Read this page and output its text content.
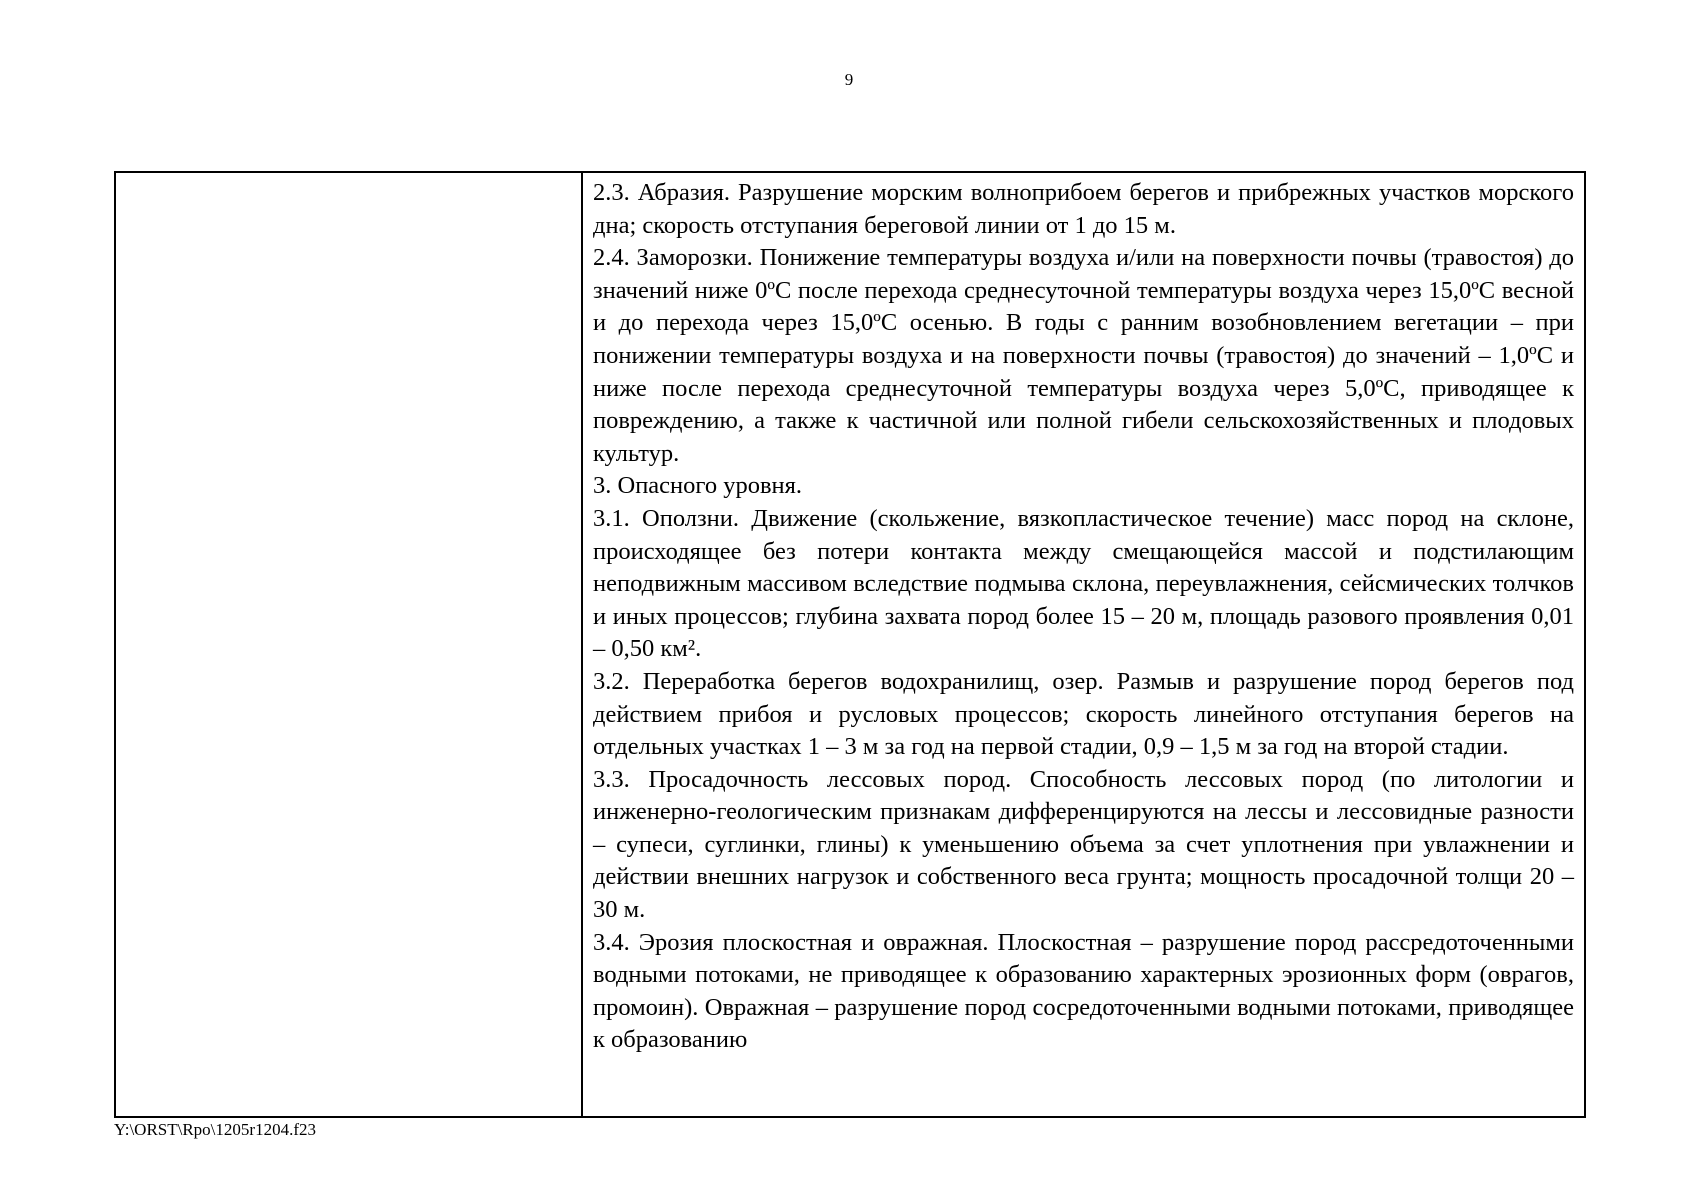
9

2.3. Абразия. Разрушение морским волноприбоем берегов и прибрежных участков морского дна; скорость отступания береговой линии от 1 до 15 м.

2.4. Заморозки. Понижение температуры воздуха и/или на поверхности почвы (травостоя) до значений ниже 0ºС после перехода среднесуточной температуры воздуха через 15,0ºС весной и до перехода через 15,0ºС осенью. В годы с ранним возобновлением вегетации – при понижении температуры воздуха и на поверхности почвы (травостоя) до значений – 1,0ºС и ниже после перехода среднесуточной температуры воздуха через 5,0ºС, приводящее к повреждению, а также к частичной или полной гибели сельскохозяйственных и плодовых культур.

3. Опасного уровня.

3.1. Оползни. Движение (скольжение, вязкопластическое течение) масс пород на склоне, происходящее без потери контакта между смещающейся массой и подстилающим неподвижным массивом вследствие подмыва склона, переувлажнения, сейсмических толчков и иных процессов; глубина захвата пород более 15 – 20 м, площадь разового проявления 0,01 – 0,50 км².

3.2. Переработка берегов водохранилищ, озер. Размыв и разрушение пород берегов под действием прибоя и русловых процессов; скорость линейного отступания берегов на отдельных участках 1 – 3 м за год на первой стадии, 0,9 – 1,5 м за год на второй стадии.

3.3. Просадочность лессовых пород. Способность лессовых пород (по литологии и инженерно-геологическим признакам дифференцируются на лессы и лессовидные разности – супеси, суглинки, глины) к уменьшению объема за счет уплотнения при увлажнении и действии внешних нагрузок и собственного веса грунта; мощность просадочной толщи 20 – 30 м.

3.4. Эрозия плоскостная и овражная. Плоскостная – разрушение пород рассредоточенными водными потоками, не приводящее к образованию характерных эрозионных форм (оврагов, промоин). Овражная – разрушение пород сосредоточенными водными потоками, приводящее к образованию

Y:\ORST\Rpo\1205r1204.f23
